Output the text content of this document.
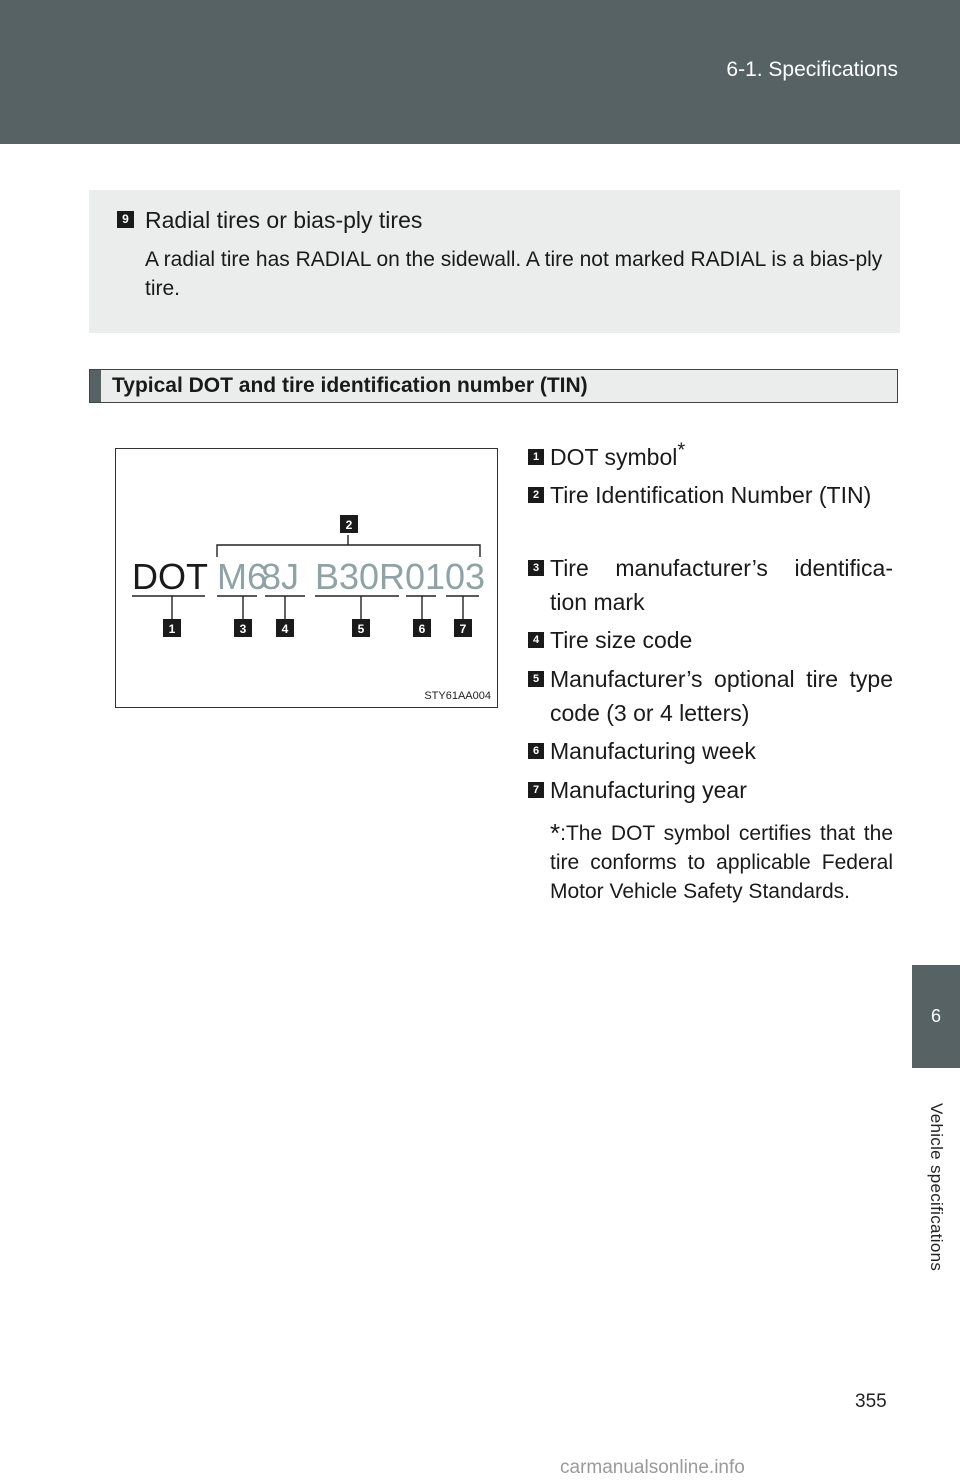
6-1. Specifications
6
Vehicle specifications
9 Radial tires or bias-ply tires
A radial tire has RADIAL on the sidewall. A tire not marked RADIAL is a bias-ply tire.
Typical DOT and tire identification number (TIN)
DOT M6
8J B30R 01 03
2
1	3	4	5	6	7
STY61AA004
1 DOT symbol*
2 Tire Identification Number (TIN)
3 Tire manufacturer’s identifica- tion mark
4 Tire size code
5 Manufacturer’s optional tire type code (3 or 4 letters)
6 Manufacturing week
7 Manufacturing year
*:The DOT symbol certifies that the tire conforms to applicable Federal Motor Vehicle Safety Standards.
355
carmanualsonline.info
